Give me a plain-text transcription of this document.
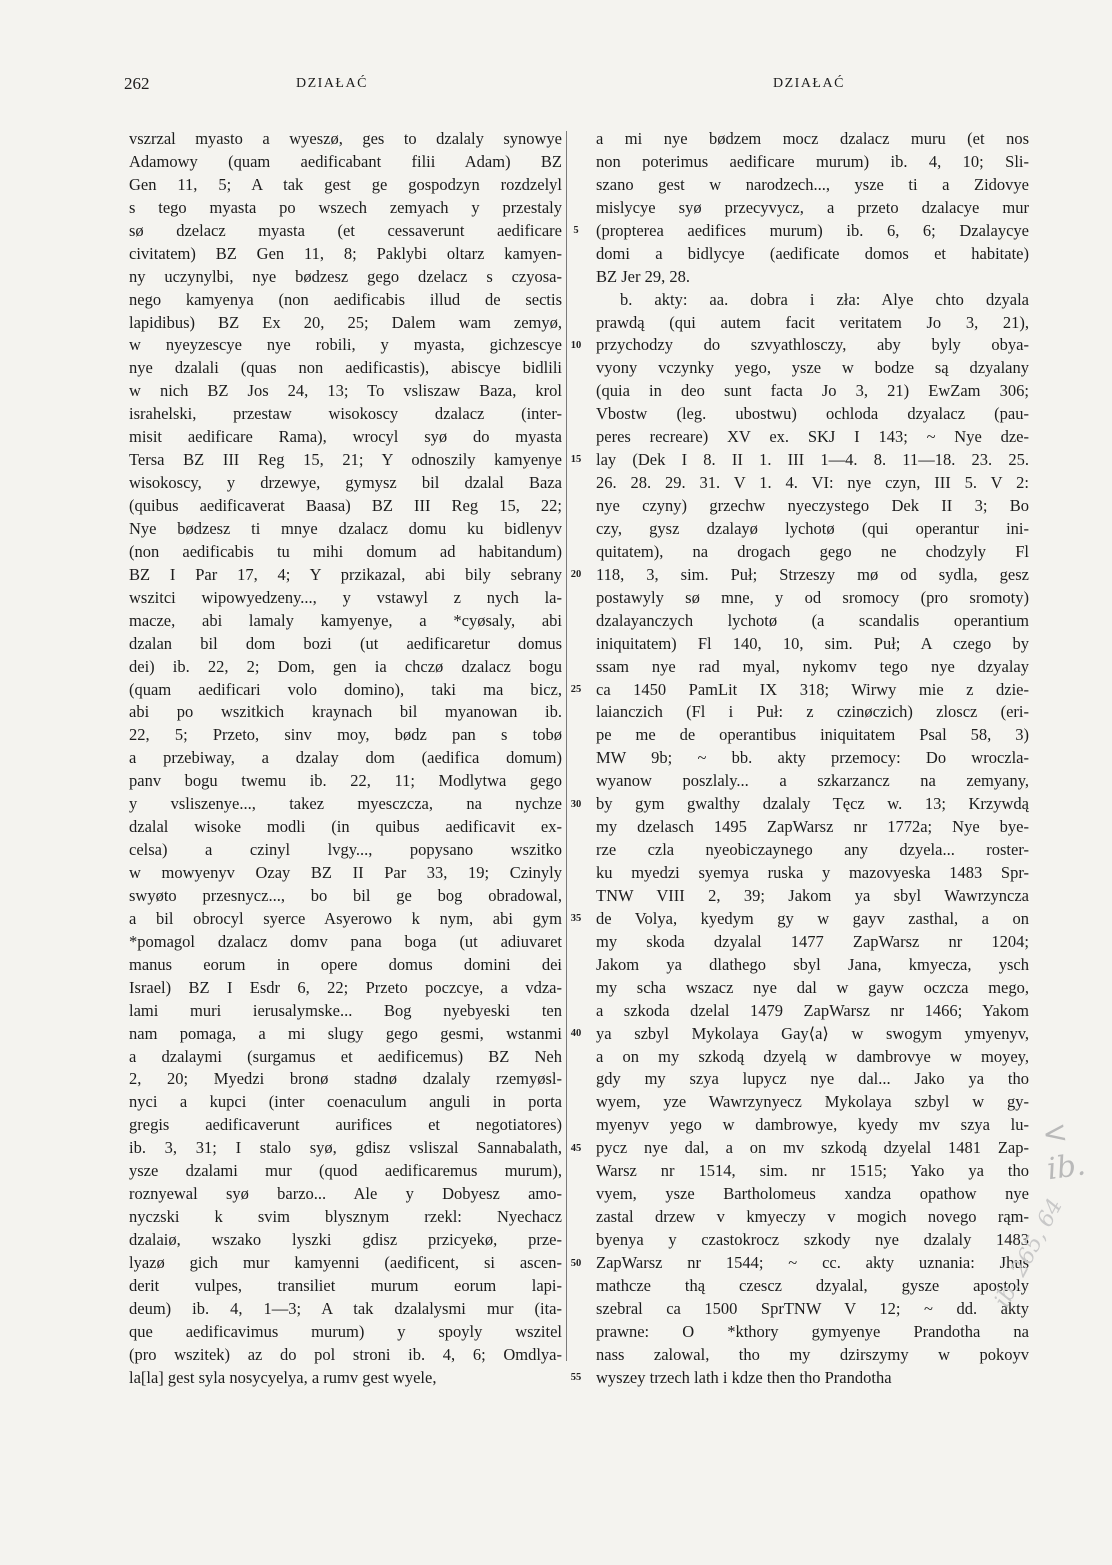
262	DZIAŁAĆ	DZIAŁAĆ
vszrzal myasto a wyeszø, ges to dzalaly synowye
Adamowy (quam aedificabant filii Adam) BZ
Gen 11, 5; A tak gest ge gospodzyn rozdzelyl
s tego myasta po wszech zemyach y przestaly
sø dzelacz myasta (et cessaverunt aedificare
civitatem) BZ Gen 11, 8; Paklybi oltarz kamyen-
ny uczynylbi, nye bødzesz gego dzelacz s czyosa-
nego kamyenya (non aedificabis illud de sectis
lapidibus) BZ Ex 20, 25; Dalem wam zemyø,
w nyeyzescye nye robili, y myasta, gichzescye
nye dzalali (quas non aedificastis), abiscye bidlili
w nich BZ Jos 24, 13; To vsliszaw Baza, krol
israhelski, przestaw wisokoscy dzalacz (inter-
misit aedificare Rama), wrocyl syø do myasta
Tersa BZ III Reg 15, 21; Y odnoszily kamyenye
wisokoscy, y drzewye, gymysz bil dzalal Baza
(quibus aedificaverat Baasa) BZ III Reg 15, 22;
Nye bødzesz ti mnye dzalacz domu ku bidlenyv
(non aedificabis tu mihi domum ad habitandum)
BZ I Par 17, 4; Y przikazal, abi bily sebrany
wszitci wipowyedzeny..., y vstawyl z nych la-
macze, abi lamaly kamyenye, a *cyøsaly, abi
dzalan bil dom bozi (ut aedificaretur domus
dei) ib. 22, 2; Dom, gen ia chczø dzalacz bogu
(quam aedificari volo domino), taki ma bicz,
abi po wszitkich kraynach bil myanowan ib.
22, 5; Przeto, sinv moy, bødz pan s tobø
a przebiway, a dzalay dom (aedifica domum)
panv bogu twemu ib. 22, 11; Modlytwa gego
y vsliszenye..., takez myesczcza, na nychze
dzalal wisoke modli (in quibus aedificavit ex-
celsa) a czinyl lvgy..., popysano wszitko
w mowyenyv Ozay BZ II Par 33, 19; Czinyly
swyøto przesnycz..., bo bil ge bog obradowal,
a bil obrocyl syerce Asyerowo k nym, abi gym
*pomagol dzalacz domv pana boga (ut adiuvaret
manus eorum in opere domus domini dei
Israel) BZ I Esdr 6, 22; Przeto poczcye, a vdza-
lami muri ierusalymske... Bog nyebyeski ten
nam pomaga, a mi slugy gego gesmi, wstanmi
a dzalaymi (surgamus et aedificemus) BZ Neh
2, 20; Myedzi bronø stadnø dzalaly rzemyøsl-
nyci a kupci (inter coenaculum anguli in porta
gregis aedificaverunt aurifices et negotiatores)
ib. 3, 31; I stalo syø, gdisz vsliszal Sannabalath,
ysze dzalami mur (quod aedificaremus murum),
roznyewal syø barzo... Ale y Dobyesz amo-
nyczski k svim blysznym rzekl: Nyechacz
dzalaiø, wszako lyszki gdisz przicyekø, prze-
lyazø gich mur kamyenni (aedificent, si ascen-
derit vulpes, transiliet murum eorum lapi-
deum) ib. 4, 1—3; A tak dzalalysmi mur (ita-
que aedificavimus murum) y spoyly wszitel
(pro wszitek) az do pol stroni ib. 4, 6; Omdlya-
la[la] gest syla nosycyelya, a rumv gest wyele,
5
10
15
20
25
30
35
40
45
50
55
a mi nye bødzem mocz dzalacz muru (et nos
non poterimus aedificare murum) ib. 4, 10; Sli-
szano gest w narodzech..., ysze ti a Zidovye
mislycye syø przecyvycz, a przeto dzalacye mur
(propterea aedifices murum) ib. 6, 6; Dzalaycye
domi a bidlycye (aedificate domos et habitate)
BZ Jer 29, 28.
b. akty: aa. dobra i zła: Alye chto dzyala
prawdą (qui autem facit veritatem Jo 3, 21),
przychodzy do szvyathlosczy, aby byly obya-
vyony vczynky yego, ysze w bodze są dzyalany
(quia in deo sunt facta Jo 3, 21) EwZam 306;
Vbostw (leg. ubostwu) ochloda dzyalacz (pau-
peres recreare) XV ex. SKJ I 143; ~ Nye dze-
lay (Dek I 8. II 1. III 1—4. 8. 11—18. 23. 25.
26. 28. 29. 31. V 1. 4. VI: nye czyn, III 5. V 2:
nye czyny) grzechw nyeczystego Dek II 3; Bo
czy, gysz dzalayø lychotø (qui operantur ini-
quitatem), na drogach gego ne chodzyly Fl
118, 3, sim. Puł; Strzeszy mø od sydla, gesz
postawyly sø mne, y od sromocy (pro sromoty)
dzalayanczych lychotø (a scandalis operantium
iniquitatem) Fl 140, 10, sim. Puł; A czego by
ssam nye rad myal, nykomv tego nye dzyalay
ca 1450 PamLit IX 318; Wirwy mie z dzie-
laianczich (Fl i Puł: z czinøczich) zloscz (eri-
pe me de operantibus iniquitatem Psal 58, 3)
MW 9b; ~ bb. akty przemocy: Do wroczla-
wyanow poszlaly... a szkarzancz na zemyany,
by gym gwalthy dzalaly Tęcz w. 13; Krzywdą
my dzelasch 1495 ZapWarsz nr 1772a; Nye bye-
rze czla nyeobiczaynego any dzyela... roster-
ku myedzi syemya ruska y mazovyeska 1483 Spr-
TNW VIII 2, 39; Jakom ya sbyl Wawrzyncza
de Volya, kyedym gy w gayv zasthal, a on
my skoda dzyalal 1477 ZapWarsz nr 1204;
Jakom ya dlathego sbyl Jana, kmyecza, ysch
my scha wszacz nye dal w gayw oczcza mego,
a szkoda dzelal 1479 ZapWarsz nr 1466; Yakom
ya szbyl Mykolaya Gay⟨a⟩ w swogym ymyenyv,
a on my szkodą dzyelą w dambrovye w moyey,
gdy my szya lupycz nye dal... Jako ya tho
wyem, yze Wawrzynyecz Mykolaya szbyl w gy-
myenyv yego w dambrowye, kyedy mv szya lu-
pycz nye dal, a on mv szkodą dzyelal 1481 Zap-
Warsz nr 1514, sim. nr 1515; Yako ya tho
vyem, ysze Bartholomeus xandza opathow nye
zastal drzew v kmyeczy v mogich novego rąm-
byenya y czastokrocz szkody nye dzalaly 1483
ZapWarsz nr 1544; ~ cc. akty uznania: Jhus
mathcze thą czescz dzyalal, gysze apostoly
szebral ca 1500 SprTNW V 12; ~ dd. akty
prawne: O *kthory gymyenye Prandotha na
nass zalowal, tho my dzirszymy w pokoyv
wyszey trzech lath i kdze then tho Prandotha
< ib.
ib. 265, 64
